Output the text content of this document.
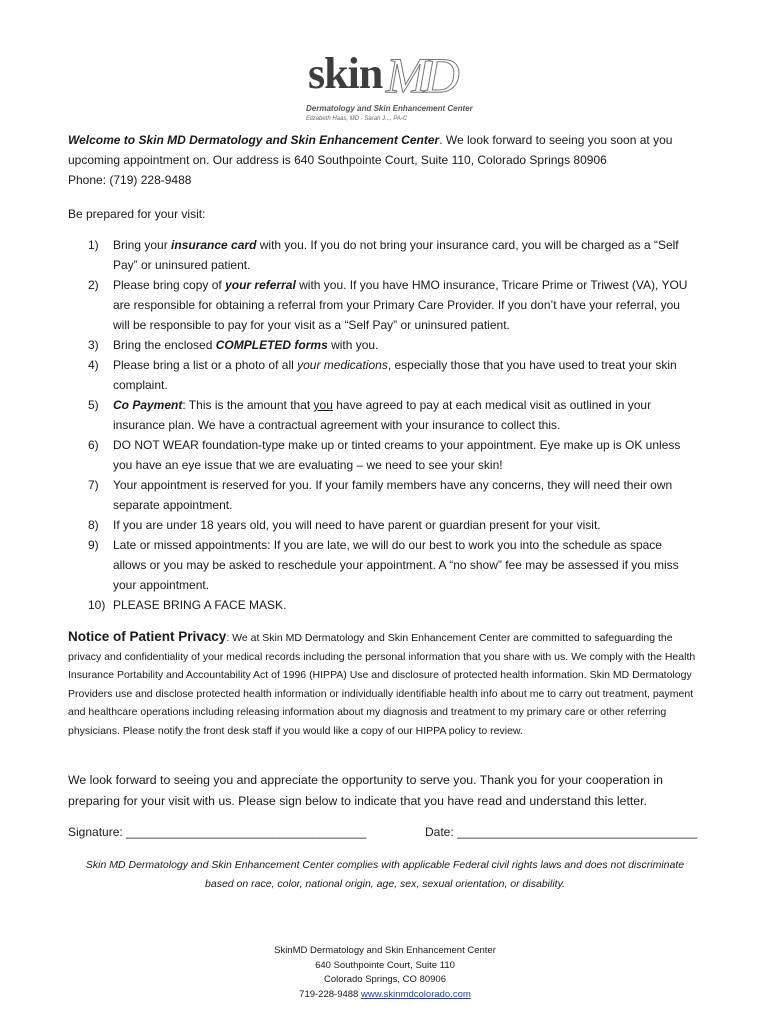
skin MD
Dermatology and Skin Enhancement Center
Elizabeth Haas, MD · Sarah J..., PA-C
Welcome to Skin MD Dermatology and Skin Enhancement Center. We look forward to seeing you soon at you upcoming appointment on. Our address is 640 Southpointe Court, Suite 110, Colorado Springs 80906
Phone: (719) 228-9488
Be prepared for your visit:
1) Bring your insurance card with you. If you do not bring your insurance card, you will be charged as a “Self Pay” or uninsured patient.
2) Please bring copy of your referral with you. If you have HMO insurance, Tricare Prime or Triwest (VA), YOU are responsible for obtaining a referral from your Primary Care Provider. If you don’t have your referral, you will be responsible to pay for your visit as a “Self Pay” or uninsured patient.
3) Bring the enclosed COMPLETED forms with you.
4) Please bring a list or a photo of all your medications, especially those that you have used to treat your skin complaint.
5) Co Payment: This is the amount that you have agreed to pay at each medical visit as outlined in your insurance plan. We have a contractual agreement with your insurance to collect this.
6) DO NOT WEAR foundation-type make up or tinted creams to your appointment. Eye make up is OK unless you have an eye issue that we are evaluating – we need to see your skin!
7) Your appointment is reserved for you. If your family members have any concerns, they will need their own separate appointment.
8) If you are under 18 years old, you will need to have parent or guardian present for your visit.
9) Late or missed appointments: If you are late, we will do our best to work you into the schedule as space allows or you may be asked to reschedule your appointment. A “no show” fee may be assessed if you miss your appointment.
10) PLEASE BRING A FACE MASK.
Notice of Patient Privacy: We at Skin MD Dermatology and Skin Enhancement Center are committed to safeguarding the privacy and confidentiality of your medical records including the personal information that you share with us. We comply with the Health Insurance Portability and Accountability Act of 1996 (HIPPA) Use and disclosure of protected health information. Skin MD Dermatology Providers use and disclose protected health information or individually identifiable health info about me to carry out treatment, payment and healthcare operations including releasing information about my diagnosis and treatment to my primary care or other referring physicians. Please notify the front desk staff if you would like a copy of our HIPPA policy to review.
We look forward to seeing you and appreciate the opportunity to serve you. Thank you for your cooperation in preparing for your visit with us. Please sign below to indicate that you have read and understand this letter.
Signature: ____________________________________	Date: ____________________________________
Skin MD Dermatology and Skin Enhancement Center complies with applicable Federal civil rights laws and does not discriminate based on race, color, national origin, age, sex, sexual orientation, or disability.
SkinMD Dermatology and Skin Enhancement Center
640 Southpointe Court, Suite 110
Colorado Springs, CO 80906
719-228-9488 www.skinmdcolorado.com
